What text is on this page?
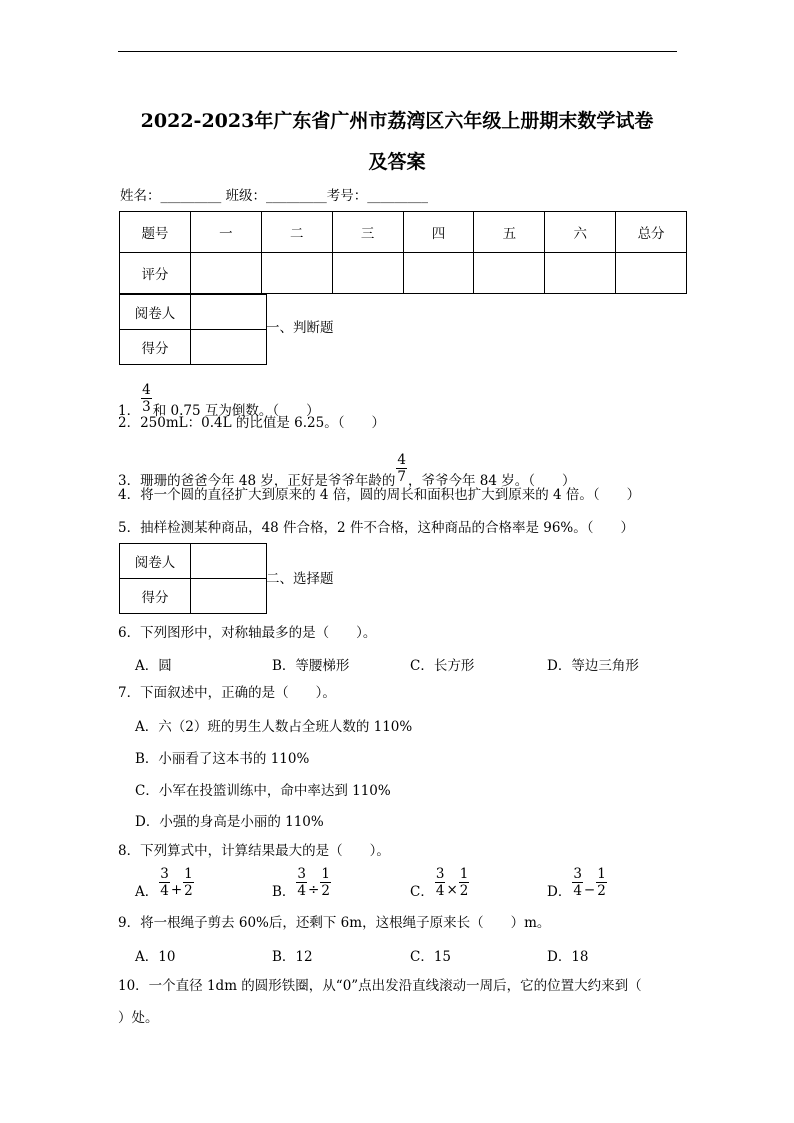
2022-2023年广东省广州市荔湾区六年级上册期末数学试卷
及答案
姓名：_________ 班级：_________考号：_________
题号	一	二	三	四	五	六	总分
评分							
阅卷人	
得分	
一、判断题
1． $\frac{4}{3}$ 和 0.75 互为倒数。（　　）
2．250mL：0.4L 的比值是 6.25。（　　）
3．珊珊的爸爸今年 48 岁，正好是爷爷年龄的 $\frac{4}{7}$ ，爷爷今年 84 岁。（　　）
4．将一个圆的直径扩大到原来的 4 倍，圆的周长和面积也扩大到原来的 4 倍。（　　）
5．抽样检测某种商品，48 件合格，2 件不合格，这种商品的合格率是 96%。（　　）
阅卷人	
得分	
二、选择题
6．下列图形中，对称轴最多的是（　　）。
A．圆	B．等腰梯形	C．长方形	D．等边三角形
7．下面叙述中，正确的是（　　）。
A．六（2）班的男生人数占全班人数的 110%
B．小丽看了这本书的 110%
C．小军在投篮训练中，命中率达到 110%
D．小强的身高是小丽的 110%
8．下列算式中，计算结果最大的是（　　）。
A． $\frac{3}{4} + \frac{1}{2}$	B． $\frac{3}{4} \div \frac{1}{2}$	C． $\frac{3}{4} \times \frac{1}{2}$	D． $\frac{3}{4} - \frac{1}{2}$
9．将一根绳子剪去 60%后，还剩下 6m，这根绳子原来长（　　）m。
A．10	B．12	C．15	D．18
10．一个直径 1dm 的圆形铁圈，从“0”点出发沿直线滚动一周后，它的位置大约来到（
）处。
